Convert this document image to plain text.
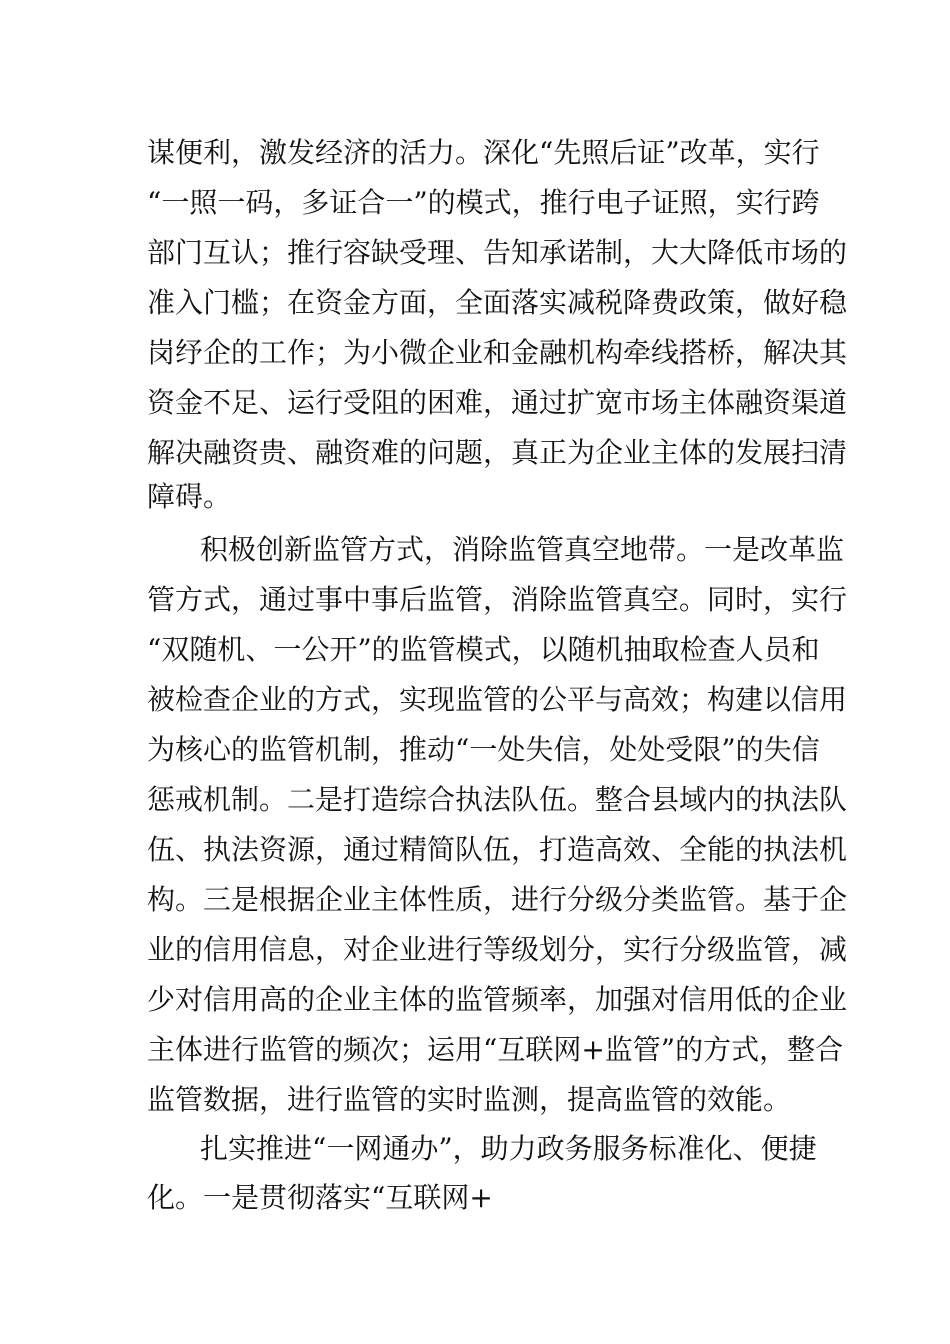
谋便利，激发经济的活力。深化“先照后证”改革，实行
“一照一码，多证合一”的模式，推行电子证照，实行跨
部门互认；推行容缺受理、告知承诺制，大大降低市场的
准入门槛；在资金方面，全面落实减税降费政策，做好稳
岗纾企的工作；为小微企业和金融机构牵线搭桥，解决其
资金不足、运行受阻的困难，通过扩宽市场主体融资渠道
解决融资贵、融资难的问题，真正为企业主体的发展扫清
障碍。
积极创新监管方式，消除监管真空地带。一是改革监
管方式，通过事中事后监管，消除监管真空。同时，实行
“双随机、一公开”的监管模式，以随机抽取检查人员和
被检查企业的方式，实现监管的公平与高效；构建以信用
为核心的监管机制，推动“一处失信，处处受限”的失信
惩戒机制。二是打造综合执法队伍。整合县域内的执法队
伍、执法资源，通过精简队伍，打造高效、全能的执法机
构。三是根据企业主体性质，进行分级分类监管。基于企
业的信用信息，对企业进行等级划分，实行分级监管，减
少对信用高的企业主体的监管频率，加强对信用低的企业
主体进行监管的频次；运用“互联网+监管”的方式，整合
监管数据，进行监管的实时监测，提高监管的效能。
扎实推进“一网通办”，助力政务服务标准化、便捷
化。一是贯彻落实“互联网+
